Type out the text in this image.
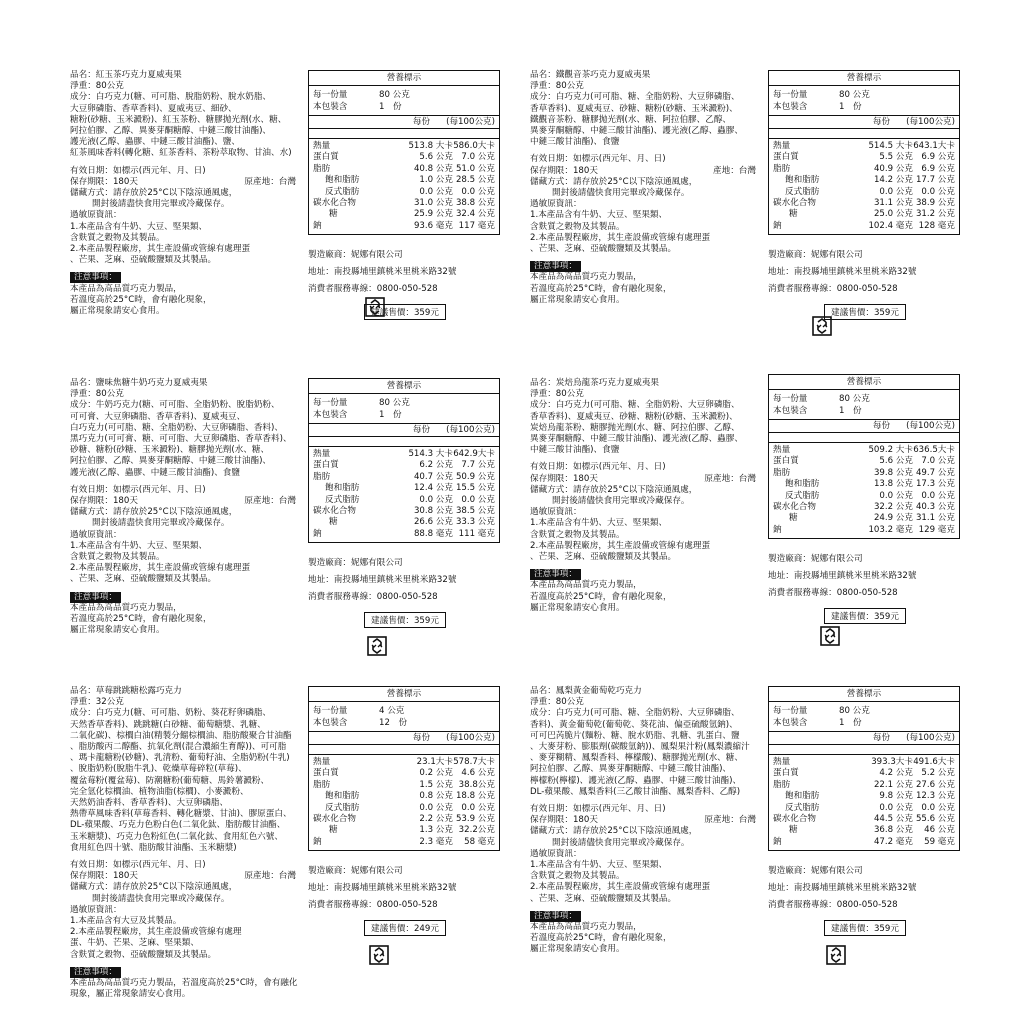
品名：紅玉茶巧克力夏威夷果
淨重：80公克
成分：白巧克力(糖、可可脂、脫脂奶粉、脫水奶脂、
大豆卵磷脂、香草香料)、夏威夷豆、細砂、
糖粉(砂糖、玉米澱粉)、紅玉茶粉、糖膠抛光劑(水、糖、
阿拉伯膠、乙醇、異麥芽酮糖醇、中鏈三酸甘油酯)、
護光液(乙醇、蟲膠、中鏈三酸甘油酯)、鹽、
紅茶風味香料(轉化糖、紅茶香料、茶粉萃取物、甘油、水)
有效日期：如標示(西元年、月、日)
保存期限：180天	原產地：台灣
儲藏方式：請存放於25°C以下陰涼通風處，
開封後請盡快食用完畢或冷藏保存。
過敏原資訊：
1.本產品含有牛奶、大豆、堅果類、
含麩質之穀物及其製品。
2.本產品製程廠房，其生產設備或管線有處理蛋
、芒果、芝麻、亞硫酸鹽類及其製品。
注意事項：
本產品為高品質巧克力製品，
若溫度高於25°C時，會有融化現象，
屬正常現象請安心食用。
營養標示
每一份量	80 公克
本包裝含	1　份
每份 (每100公克)
熱量	513.8 大卡 586.0大卡
蛋白質	5.6 公克 7.0 公克
脂肪	40.8 公克 51.0 公克
飽和脂肪	1.0 公克 28.5 公克
反式脂肪	0.0 公克 0.0 公克
碳水化合物	31.0 公克 38.8 公克
糖	25.9 公克 32.4 公克
鈉	93.6 毫克 117 毫克
製造廠商：妮娜有限公司
地址：南投縣埔里鎮桃米里桃米路32號
消費者服務專線：0800-050-528
建議售價：359元
品名：鐵觀音茶巧克力夏威夷果
淨重：80公克
成分：白巧克力(可可脂、糖、全脂奶粉、大豆卵磷脂、
香草香料)、夏威夷豆、砂糖、糖粉(砂糖、玉米澱粉)、
鐵觀音茶粉、糖膠抛光劑(水、糖、阿拉伯膠、乙醇、
異麥芽酮糖醇、中鏈三酸甘油酯)、護光液(乙醇、蟲膠、
中鏈三酸甘油酯)、食鹽
有效日期：如標示(西元年、月、日)
保存期限：180天	產地：台灣
儲藏方式：請存放於25°C以下陰涼通風處，
開封後請儘快食用完畢或冷藏保存。
過敏原資訊：
1.本產品含有牛奶、大豆、堅果類、
含麩質之穀物及其製品。
2.本產品製程廠房，其生產設備或管線有處理蛋
、芒果、芝麻、亞硫酸鹽類及其製品。
注意事項：
本產品為高品質巧克力製品，
若溫度高於25°C時，會有融化現象，
屬正常現象請安心食用。
營養標示
每一份量	80 公克
本包裝含	1　份
每份 (每100公克)
熱量	514.5 大卡 643.1大卡
蛋白質	5.5 公克 6.9 公克
脂肪	40.9 公克 6.9 公克
飽和脂肪	14.2 公克 17.7 公克
反式脂肪	0.0 公克 0.0 公克
碳水化合物	31.1 公克 38.9 公克
糖	25.0 公克 31.2 公克
鈉	102.4 毫克 128 毫克
製造廠商：妮娜有限公司
地址：南投縣埔里鎮桃米里桃米路32號
消費者服務專線：0800-050-528
建議售價：359元
品名：鹽味焦糖牛奶巧克力夏威夷果
淨重：80公克
成分：牛奶巧克力(糖、可可脂、全脂奶粉、脫脂奶粉、
可可膏、大豆卵磷脂、香草香料)、夏威夷豆、
白巧克力(可可脂、糖、全脂奶粉、大豆卵磷脂、香料)、
黑巧克力(可可膏、糖、可可脂、大豆卵磷脂、香草香料)、
砂糖、糖粉(砂糖、玉米澱粉)、糖膠抛光劑(水、糖、
阿拉伯膠、乙醇、異麥芽酮糖醇、中鏈三酸甘油酯)、
護光液(乙醇、蟲膠、中鏈三酸甘油酯)、食鹽
有效日期：如標示(西元年、月、日)
保存期限：180天	原產地：台灣
儲藏方式：請存放於25°C以下陰涼通風處，
開封後請盡快食用完畢或冷藏保存。
過敏原資訊：
1.本產品含有牛奶、大豆、堅果類、
含麩質之穀物及其製品。
2.本產品製程廠房，其生產設備或管線有處理蛋
、芒果、芝麻、亞硫酸鹽類及其製品。
注意事項：
本產品為高品質巧克力製品，
若溫度高於25°C時，會有融化現象，
屬正常現象請安心食用。
營養標示
每一份量	80 公克
本包裝含	1　份
每份 (每100公克)
熱量	514.3 大卡 642.9大卡
蛋白質	6.2 公克 7.7 公克
脂肪	40.7 公克 50.9 公克
飽和脂肪	12.4 公克 15.5 公克
反式脂肪	0.0 公克 0.0 公克
碳水化合物	30.8 公克 38.5 公克
糖	26.6 公克 33.3 公克
鈉	88.8 毫克 111 毫克
製造廠商：妮娜有限公司
地址：南投縣埔里鎮桃米里桃米路32號
消費者服務專線：0800-050-528
建議售價：359元
品名：炭焙烏龍茶巧克力夏威夷果
淨重：80公克
成分：白巧克力(可可脂、糖、全脂奶粉、大豆卵磷脂、
香草香料)、夏威夷豆、砂糖、糖粉(砂糖、玉米澱粉)、
炭焙烏龍茶粉、糖膠抛光劑(水、糖、阿拉伯膠、乙醇、
異麥芽酮糖醇、中鏈三酸甘油酯)、護光液(乙醇、蟲膠、
中鏈三酸甘油酯)、食鹽
有效日期：如標示(西元年、月、日)
保存期限：180天	原產地：台灣
儲藏方式：請存放於25°C以下陰涼通風處，
開封後請儘快食用完畢或冷藏保存。
過敏原資訊：
1.本產品含有牛奶、大豆、堅果類、
含麩質之穀物及其製品。
2.本產品製程廠房，其生產設備或管線有處理蛋
、芒果、芝麻、亞硫酸鹽類及其製品。
注意事項：
本產品為高品質巧克力製品，
若溫度高於25°C時，會有融化現象，
屬正常現象請安心食用。
營養標示
每一份量	80 公克
本包裝含	1　份
每份 (每100公克)
熱量	509.2 大卡 636.5大卡
蛋白質	5.6 公克 7.0 公克
脂肪	39.8 公克 49.7 公克
飽和脂肪	13.8 公克 17.3 公克
反式脂肪	0.0 公克 0.0 公克
碳水化合物	32.2 公克 40.3 公克
糖	24.9 公克 31.1 公克
鈉	103.2 毫克 129 毫克
製造廠商：妮娜有限公司
地址：南投縣埔里鎮桃米里桃米路32號
消費者服務專線：0800-050-528
建議售價：359元
品名：草莓跳跳糖松露巧克力
淨重：32公克
成分：白巧克力(糖、可可脂、奶粉、葵花籽卵磷脂、
天然香草香料)、跳跳糖(白砂糖、葡萄糖漿、乳糖、
二氧化碳)、棕櫚白油(精製分餾棕櫚油、脂肪酸聚合甘油酯
、脂肪酸丙二醇酯、抗氧化劑(混合濃縮生育醇))、可可脂
、瑪卡龍糖粉(砂糖)、乳清粉、葡萄籽油、全脂奶粉(牛乳)
、脫脂奶粉(脫脂牛乳)、乾燥草莓碎粒(草莓)、
覆盆莓粉(覆盆莓)、防潮糖粉(葡萄糖、馬鈴薯澱粉、
完全氫化棕櫚油、植物油脂(棕櫚)、小麥澱粉、
天然奶油香料、香草香料)、大豆卵磷脂、
熱帶草風味香料(草莓香料、轉化糖漿、甘油)、膠原蛋白、
DL-蘋果酸、巧克力色粉白色(二氧化鈦、脂肪酸甘油酯、
玉米糖漿)、巧克力色粉紅色(二氧化鈦、食用紅色六號、
食用紅色四十號、脂肪酸甘油酯、玉米糖漿)
有效日期：如標示(西元年、月、日)
保存期限：180天	原產地：台灣
儲藏方式：請存放於25°C以下陰涼通風處，
開封後請盡快食用完畢或冷藏保存。
過敏原資訊：
1.本產品含有大豆及其製品。
2.本產品製程廠房，其生產設備或管線有處理
蛋、牛奶、芒果、芝麻、堅果類、
含麩質之穀物、亞硫酸鹽類及其製品。
注意事項：
本產品為高品質巧克力製品，若溫度高於25°C時，會有融化現象，屬正常現象請安心食用。
營養標示
每一份量	4 公克
本包裝含	12　份
每份 (每100公克)
熱量	23.1大卡 578.7大卡
蛋白質	0.2 公克 4.6 公克
脂肪	1.5 公克 38.8公克
飽和脂肪	0.8 公克 18.8 公克
反式脂肪	0.0 公克 0.0 公克
碳水化合物	2.2 公克 53.9 公克
糖	1.3 公克 32.2公克
鈉	2.3 毫克	58 毫克
製造廠商：妮娜有限公司
地址：南投縣埔里鎮桃米里桃米路32號
消費者服務專線：0800-050-528
建議售價：249元
品名：鳳梨黃金葡萄乾巧克力
淨重：80公克
成分：白巧克力(可可脂、糖、全脂奶粉、大豆卵磷脂、
香料)、黃金葡萄乾(葡萄乾、葵花油、偏亞硫酸氫鈉)、
可可巴芮脆片(麵粉、糖、脫水奶脂、乳糖、乳蛋白、鹽
、大麥芽粉、膨脹劑(碳酸氫鈉))、鳳梨果汁粉(鳳梨濃縮汁
、麥芽糊精、鳳梨香料、檸檬酸)、糖膠抛光劑(水、糖、
阿拉伯膠、乙醇、異麥芽酮糖醇、中鏈三酸甘油酯)、
檸檬粉(檸檬)、護光液(乙醇、蟲膠、中鏈三酸甘油酯)、
DL-蘋果酸、鳳梨香料(三乙酸甘油酯、鳳梨香料、乙醇)
有效日期：如標示(西元年、月、日)
保存期限：180天	原產地：台灣
儲藏方式：請存放於25°C以下陰涼通風處，
開封後請儘快食用完畢或冷藏保存。
過敏原資訊：
1.本產品含有牛奶、大豆、堅果類、
含麩質之穀物及其製品。
2.本產品製程廠房，其生產設備或管線有處理蛋
、芒果、芝麻、亞硫酸鹽類及其製品。
注意事項：
本產品為高品質巧克力製品，
若溫度高於25°C時，會有融化現象，
屬正常現象請安心食用。
營養標示
每一份量	80 公克
本包裝含	1　份
每份 (每100公克)
熱量	393.3大卡 491.6大卡
蛋白質	4.2 公克 5.2 公克
脂肪	22.1 公克 27.6 公克
飽和脂肪	9.8 公克 12.3 公克
反式脂肪	0.0 公克 0.0 公克
碳水化合物	44.5 公克 55.6 公克
糖	36.8 公克	46 公克
鈉	47.2 毫克	59 毫克
製造廠商：妮娜有限公司
地址：南投縣埔里鎮桃米里桃米路32號
消費者服務專線：0800-050-528
建議售價：359元
